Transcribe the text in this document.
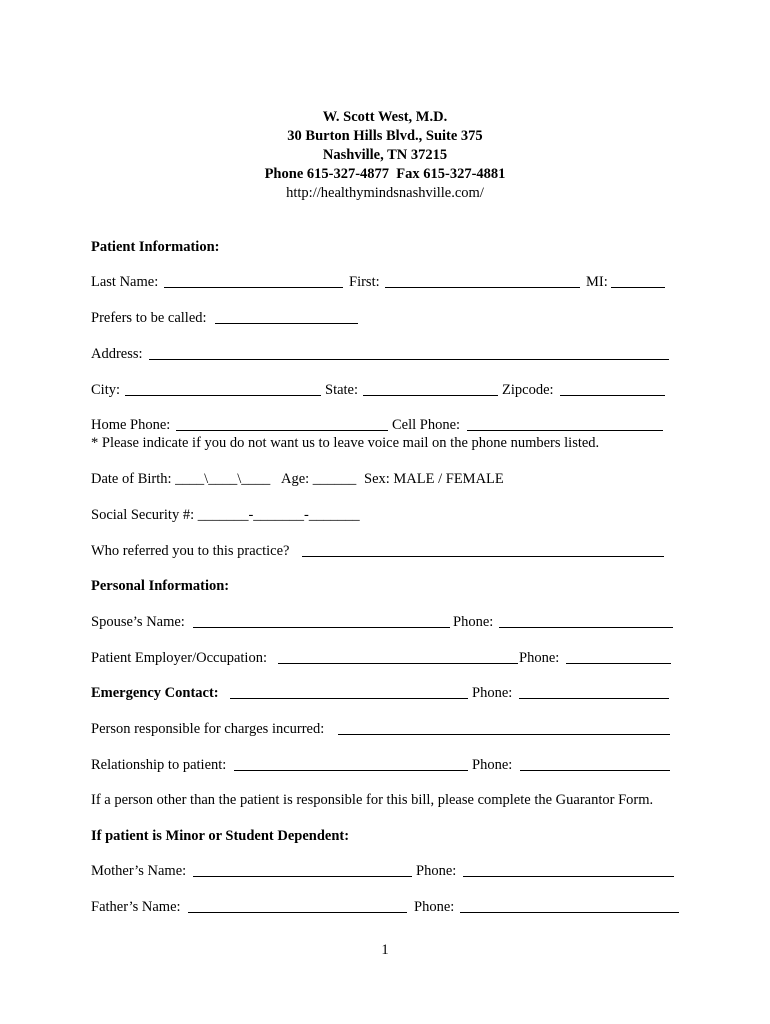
W. Scott West, M.D.
30 Burton Hills Blvd., Suite 375
Nashville, TN 37215
Phone 615-327-4877  Fax 615-327-4881
http://healthymindsnashville.com/
Patient Information:
Last Name:	First:	MI:
Prefers to be called:
Address:
City:	State:	Zipcode:
Home Phone:	Cell Phone:
* Please indicate if you do not want us to leave voice mail on the phone numbers listed.
Date of Birth: ____\____\____ Age: ______ Sex: MALE / FEMALE
Social Security #: _______-_______-_______
Who referred you to this practice?
Personal Information:
Spouse’s Name:	Phone:
Patient Employer/Occupation:	Phone:
Emergency Contact:	Phone:
Person responsible for charges incurred:
Relationship to patient:	Phone:
If a person other than the patient is responsible for this bill, please complete the Guarantor Form.
If patient is Minor or Student Dependent:
Mother’s Name:	Phone:
Father’s Name:	Phone:
1
